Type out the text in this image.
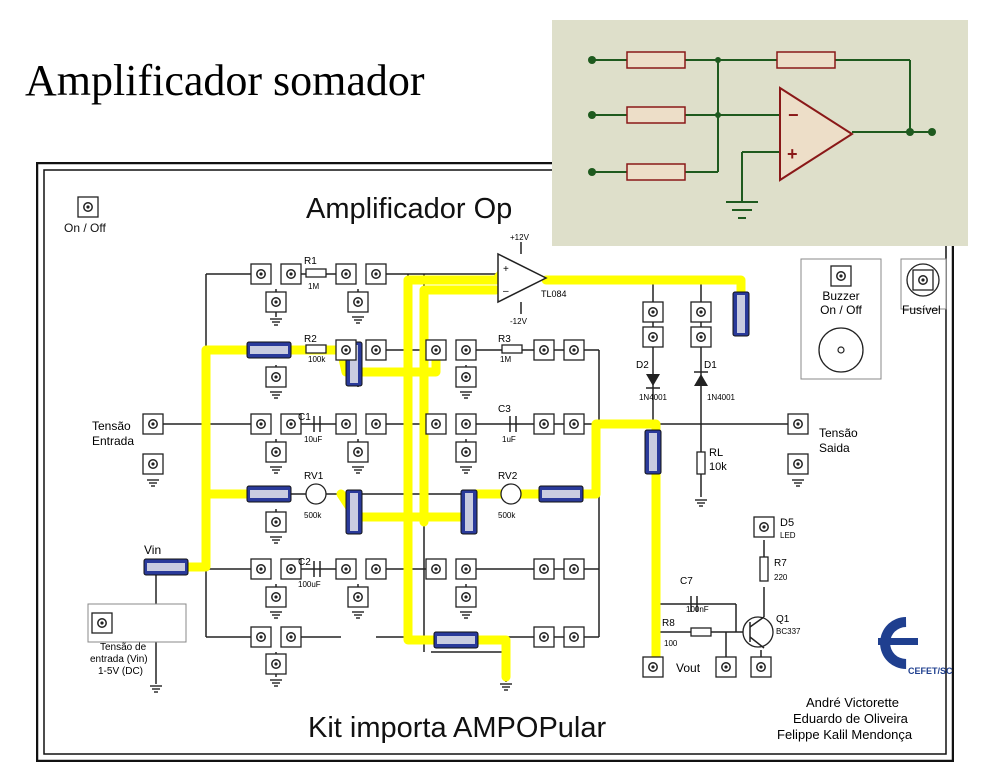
Amplificador somador
Amplificador Op
Kit importa AMPOPular
On / Off
R1
1M
R2
100k
R3
1M
C1
10uF
C3
1uF
RV1
500k
RV2
500k
C2
100uF
+
–
+12V
-12V
TL084
D2
1N4001
D1
1N4001
RL
10k
Tensão
Entrada
Tensão
Saida
Buzzer
On / Off	Fusível
Vin
Tensão de
entrada (Vin)
1-5V (DC)	Vout
C7
100nF
R8
100
Q1
BC337
R7
220
D5
LED
CEFET/SC
André Victorette
Eduardo de Oliveira
Felippe Kalil Mendonça
−
+
